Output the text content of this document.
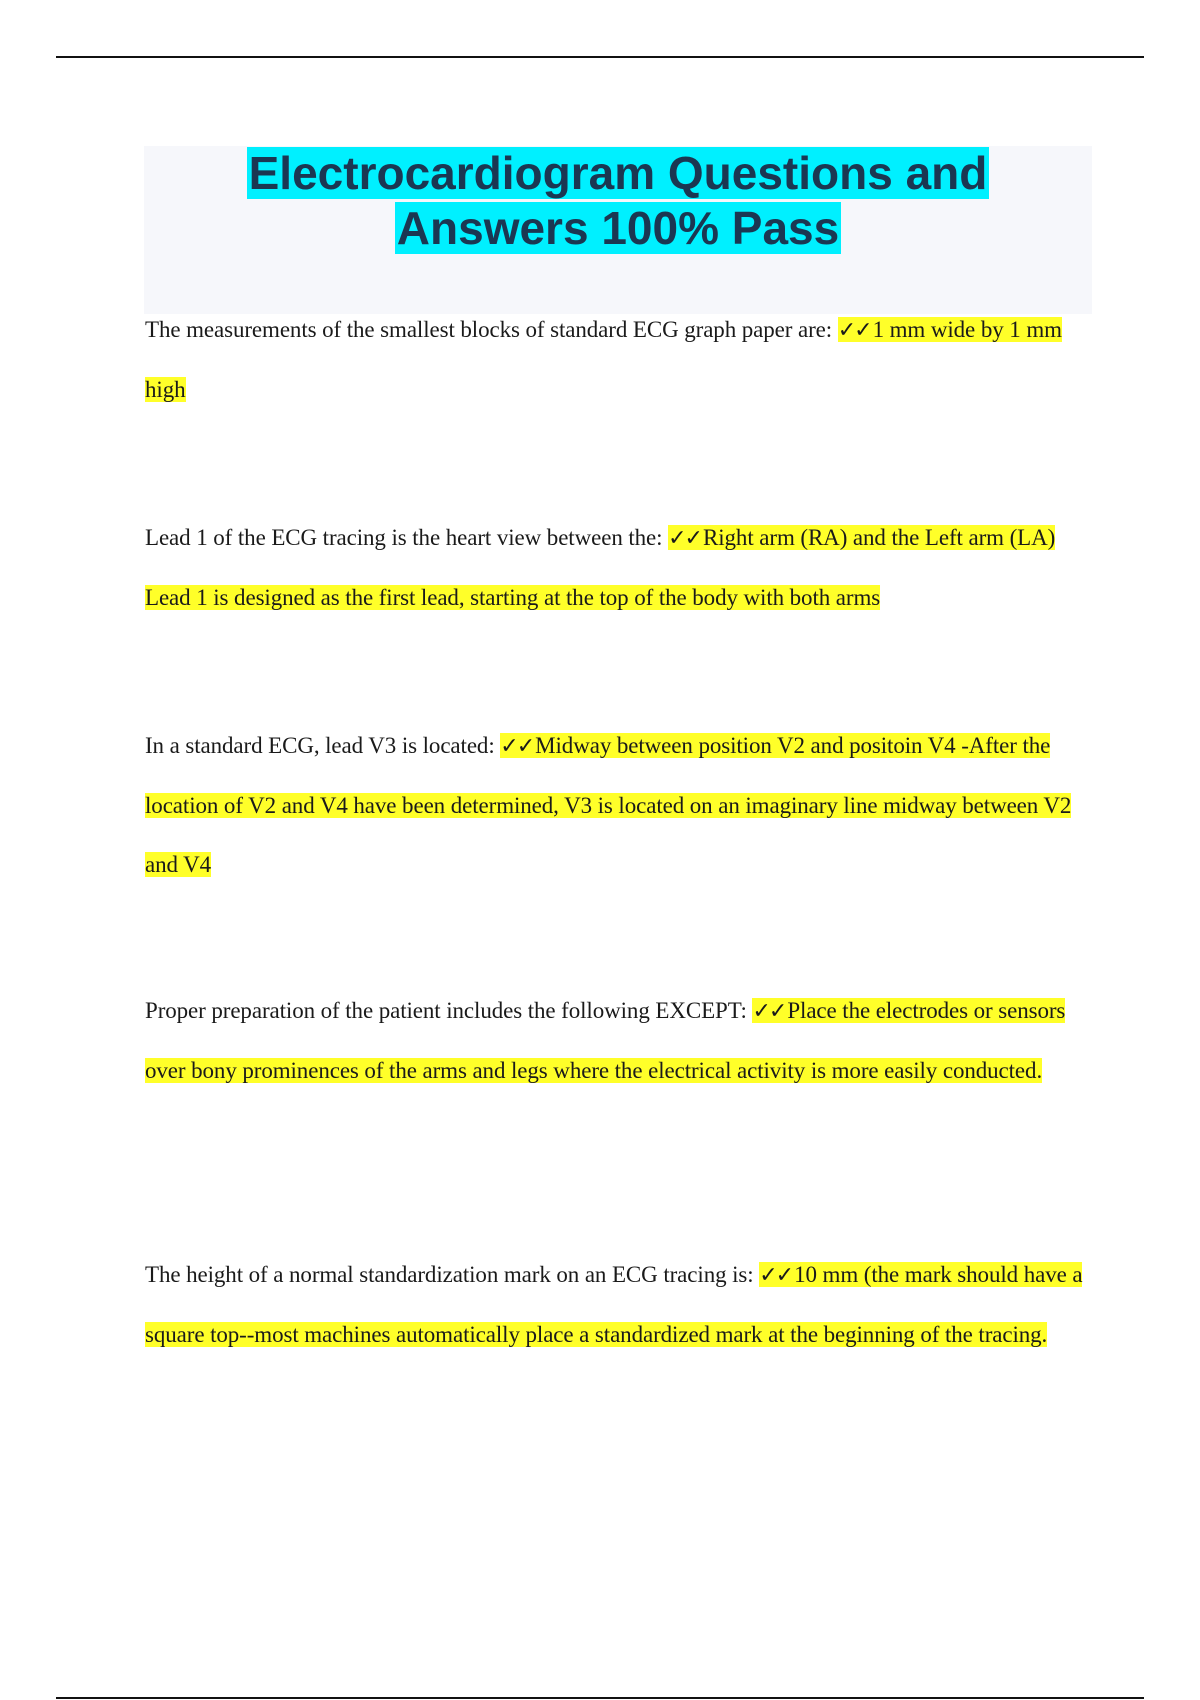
Electrocardiogram Questions and
Answers 100% Pass

The measurements of the smallest blocks of standard ECG graph paper are: ✓✓1 mm wide by 1 mm high

Lead 1 of the ECG tracing is the heart view between the: ✓✓Right arm (RA) and the Left arm (LA) Lead 1 is designed as the first lead, starting at the top of the body with both arms

In a standard ECG, lead V3 is located: ✓✓Midway between position V2 and positoin V4 -After the location of V2 and V4 have been determined, V3 is located on an imaginary line midway between V2 and V4

Proper preparation of the patient includes the following EXCEPT: ✓✓Place the electrodes or sensors over bony prominences of the arms and legs where the electrical activity is more easily conducted.

The height of a normal standardization mark on an ECG tracing is: ✓✓10 mm (the mark should have a square top--most machines automatically place a standardized mark at the beginning of the tracing.
